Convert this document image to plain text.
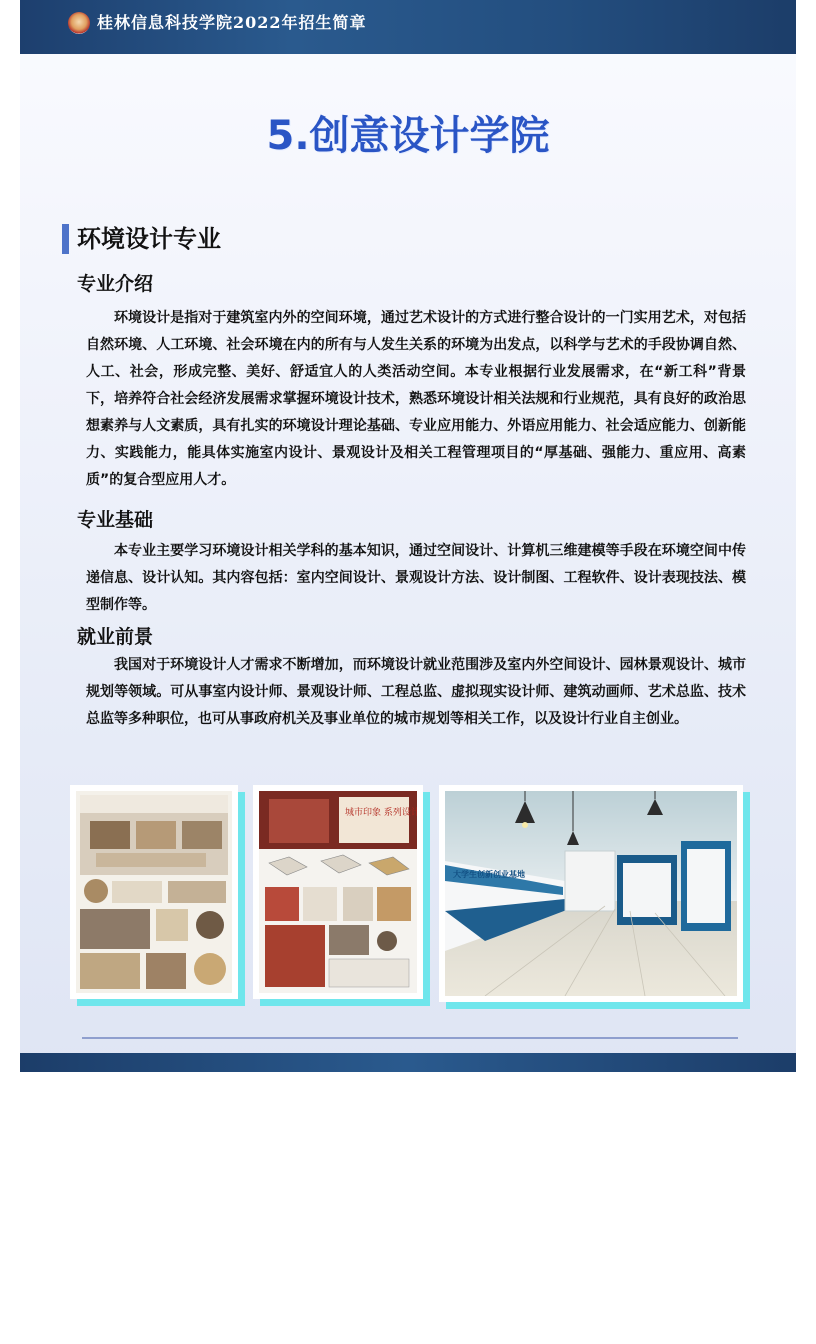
桂林信息科技学院2022年招生简章
5.创意设计学院
环境设计专业
专业介绍
环境设计是指对于建筑室内外的空间环境，通过艺术设计的方式进行整合设计的一门实用艺术，对包括自然环境、人工环境、社会环境在内的所有与人发生关系的环境为出发点，以科学与艺术的手段协调自然、人工、社会，形成完整、美好、舒适宜人的人类活动空间。本专业根据行业发展需求，在“新工科”背景下，培养符合社会经济发展需求掌握环境设计技术，熟悉环境设计相关法规和行业规范，具有良好的政治思想素养与人文素质，具有扎实的环境设计理论基础、专业应用能力、外语应用能力、社会适应能力、创新能力、实践能力，能具体实施室内设计、景观设计及相关工程管理项目的“厚基础、强能力、重应用、高素质”的复合型应用人才。
专业基础
本专业主要学习环境设计相关学科的基本知识，通过空间设计、计算机三维建模等手段在环境空间中传递信息、设计认知。其内容包括：室内空间设计、景观设计方法、设计制图、工程软件、设计表现技法、模型制作等。
就业前景
我国对于环境设计人才需求不断增加，而环境设计就业范围涉及室内外空间设计、园林景观设计、城市规划等领域。可从事室内设计师、景观设计师、工程总监、虚拟现实设计师、建筑动画师、艺术总监、技术总监等多种职位，也可从事政府机关及事业单位的城市规划等相关工作，以及设计行业自主创业。
城市印象 系列设计
大学生创新创业基地
